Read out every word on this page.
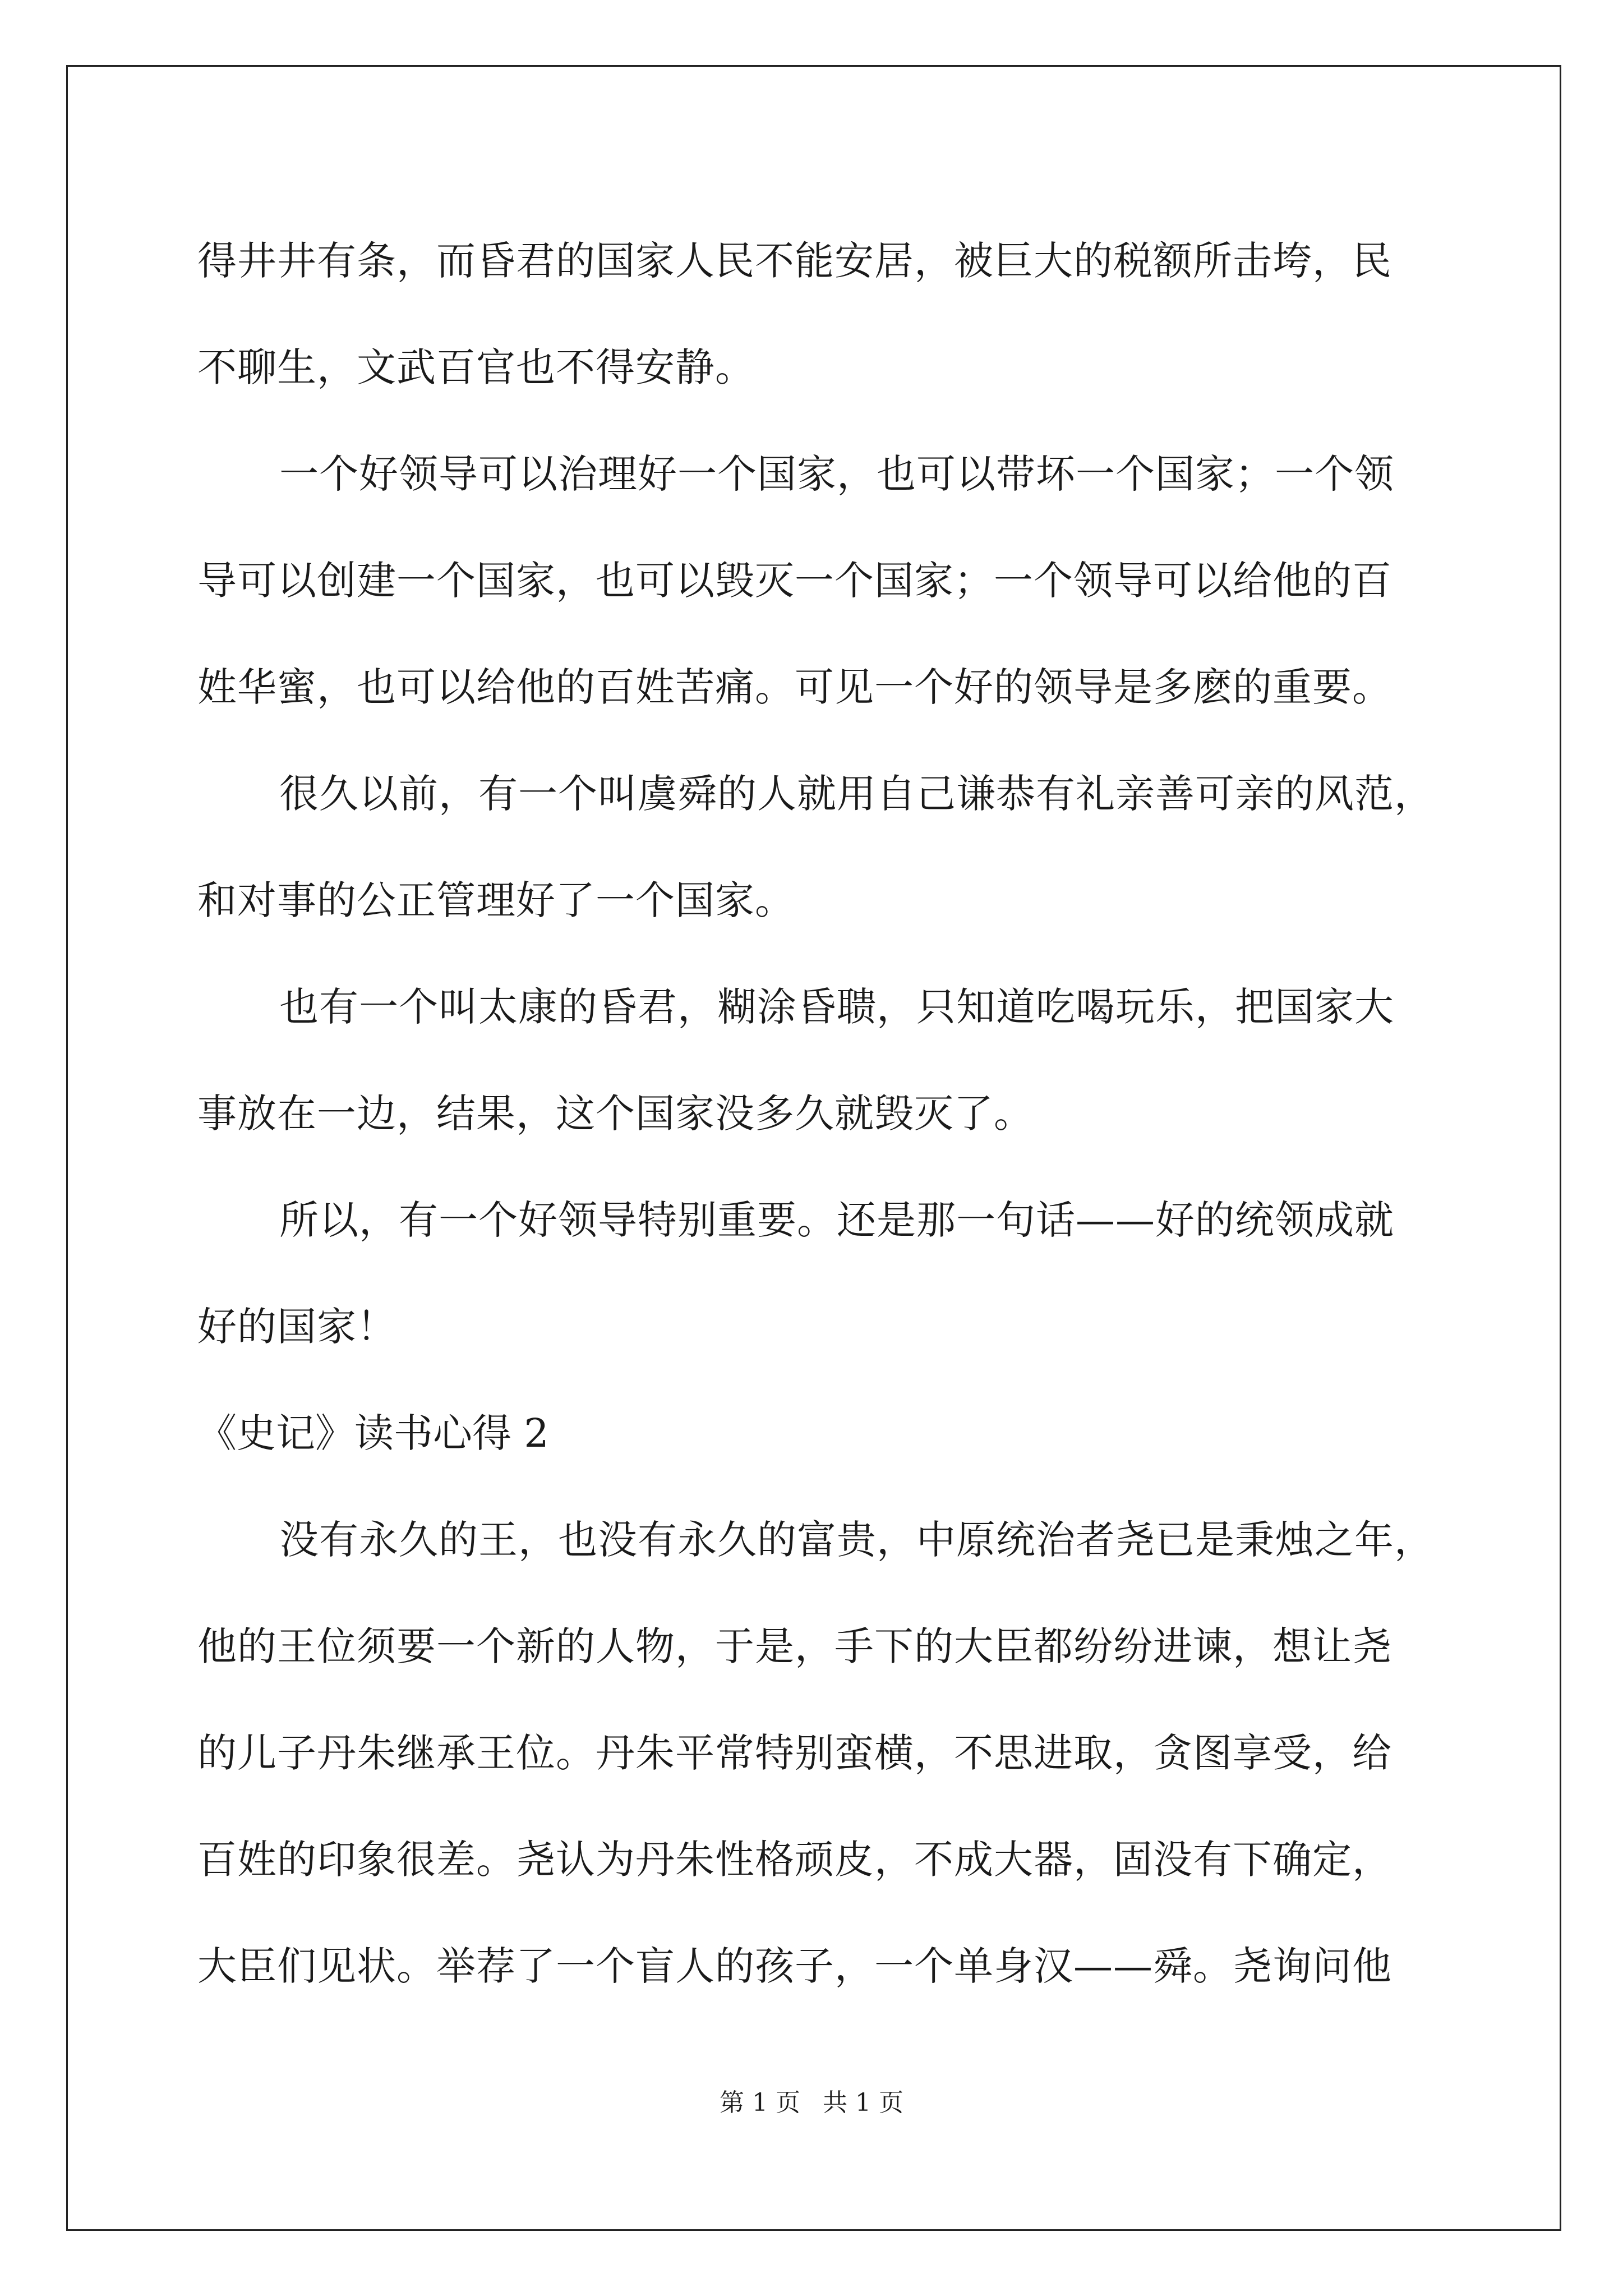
得井井有条，而昏君的国家人民不能安居，被巨大的税额所击垮，民
不聊生，文武百官也不得安静。
一个好领导可以治理好一个国家，也可以带坏一个国家；一个领
导可以创建一个国家，也可以毁灭一个国家；一个领导可以给他的百
姓华蜜，也可以给他的百姓苦痛。可见一个好的领导是多麽的重要。
很久以前，有一个叫虞舜的人就用自己谦恭有礼亲善可亲的风范，
和对事的公正管理好了一个国家。
也有一个叫太康的昏君，糊涂昏聩，只知道吃喝玩乐，把国家大
事放在一边，结果，这个国家没多久就毁灭了。
所以，有一个好领导特别重要。还是那一句话——好的统领成就
好的国家！
《史记》读书心得 2
没有永久的王，也没有永久的富贵，中原统治者尧已是秉烛之年，
他的王位须要一个新的人物，于是，手下的大臣都纷纷进谏，想让尧
的儿子丹朱继承王位。丹朱平常特别蛮横，不思进取，贪图享受，给
百姓的印象很差。尧认为丹朱性格顽皮，不成大器，固没有下确定，
大臣们见状。举荐了一个盲人的孩子，一个单身汉——舜。尧询问他
第 1 页 共 1 页
